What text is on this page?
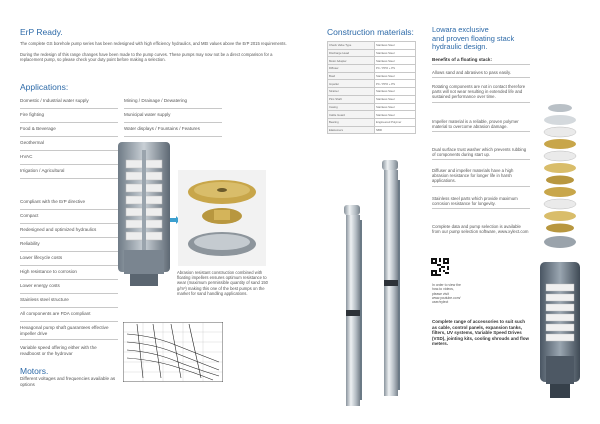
ErP Ready.
The complete GS borehole pump series has been redesigned with high efficiency hydraulics, and MEI values above the ErP 2015 requirements.
During the redesign of this range changes have been made to the pump curves. These pumps may now not be a direct comparison for a replacement pump, so please check your duty point before making a selection.
Applications:
Domestic / Industrial water supply
Fire fighting
Food & Beverage
Geothermal
HVAC
Irrigation / Agricultural
Mining / Drainage / Dewatering
Municipal water supply
Water displays / Fountains / Features
Compliant with the ErP directive
Compact
Redesigned and optimized hydraulics
Reliability
Lower lifecycle costs
High resistance to corrosion
Lower energy costs
Stainless steel structure
All components are FDA compliant
Hexagonal pump shaft guarantees effective impeller drive
Variable speed offering either with the readboost or the hydrovar
Motors.
Different voltages and frequencies available as options
Abrasion resistant construction combined with floating impellers ensures optimum resistance to wear (maximum permissible quantity of sand 150 g/m³) making this one of the best pumps on the market for sand handling applications.
Construction materials:
Check Valve Type	Stainless Steel
Discharge Head	Stainless Steel
Motor Adapter	Stainless Steel
Diffuser	PC / PPO + PS
Bowl	Stainless Steel
Impeller	PC / PPO + PS
Strainer	Stainless Steel
Pins Shaft	Stainless Steel
Casing	Stainless Steel
Cable Guard	Stainless Steel
Bearing	Engineered Polymer
Elastomers	NBR
Lowara exclusive
and proven floating stack
hydraulic design.
Benefits of a floating stack:
Allows sand and abrasives to pass easily.
Rotating components are not in contact therefore parts will not wear resulting in extended life and sustained performance over time.
Impeller material is a reliable, proven polymer material to overcome abrasion damage.
Dual surface trust washer which prevents rubbing of components during start up.
Diffuser and impeller materials have a high abrasion resistance for longer life in harsh applications.
Stainless steel parts which provide maximum corrosion resistance for longevity.
Complete data and pump selection is available from our pump selection software, www.xylect.com
In order to view the how-to videos, please visit www.youtube.com/ user/xylect
Complete range of accessories to suit such as cable, control panels, expansion tanks, filters, UV systems, Variable Speed Drives (VSD), jointing kits, cooling shrouds and flow meters.
